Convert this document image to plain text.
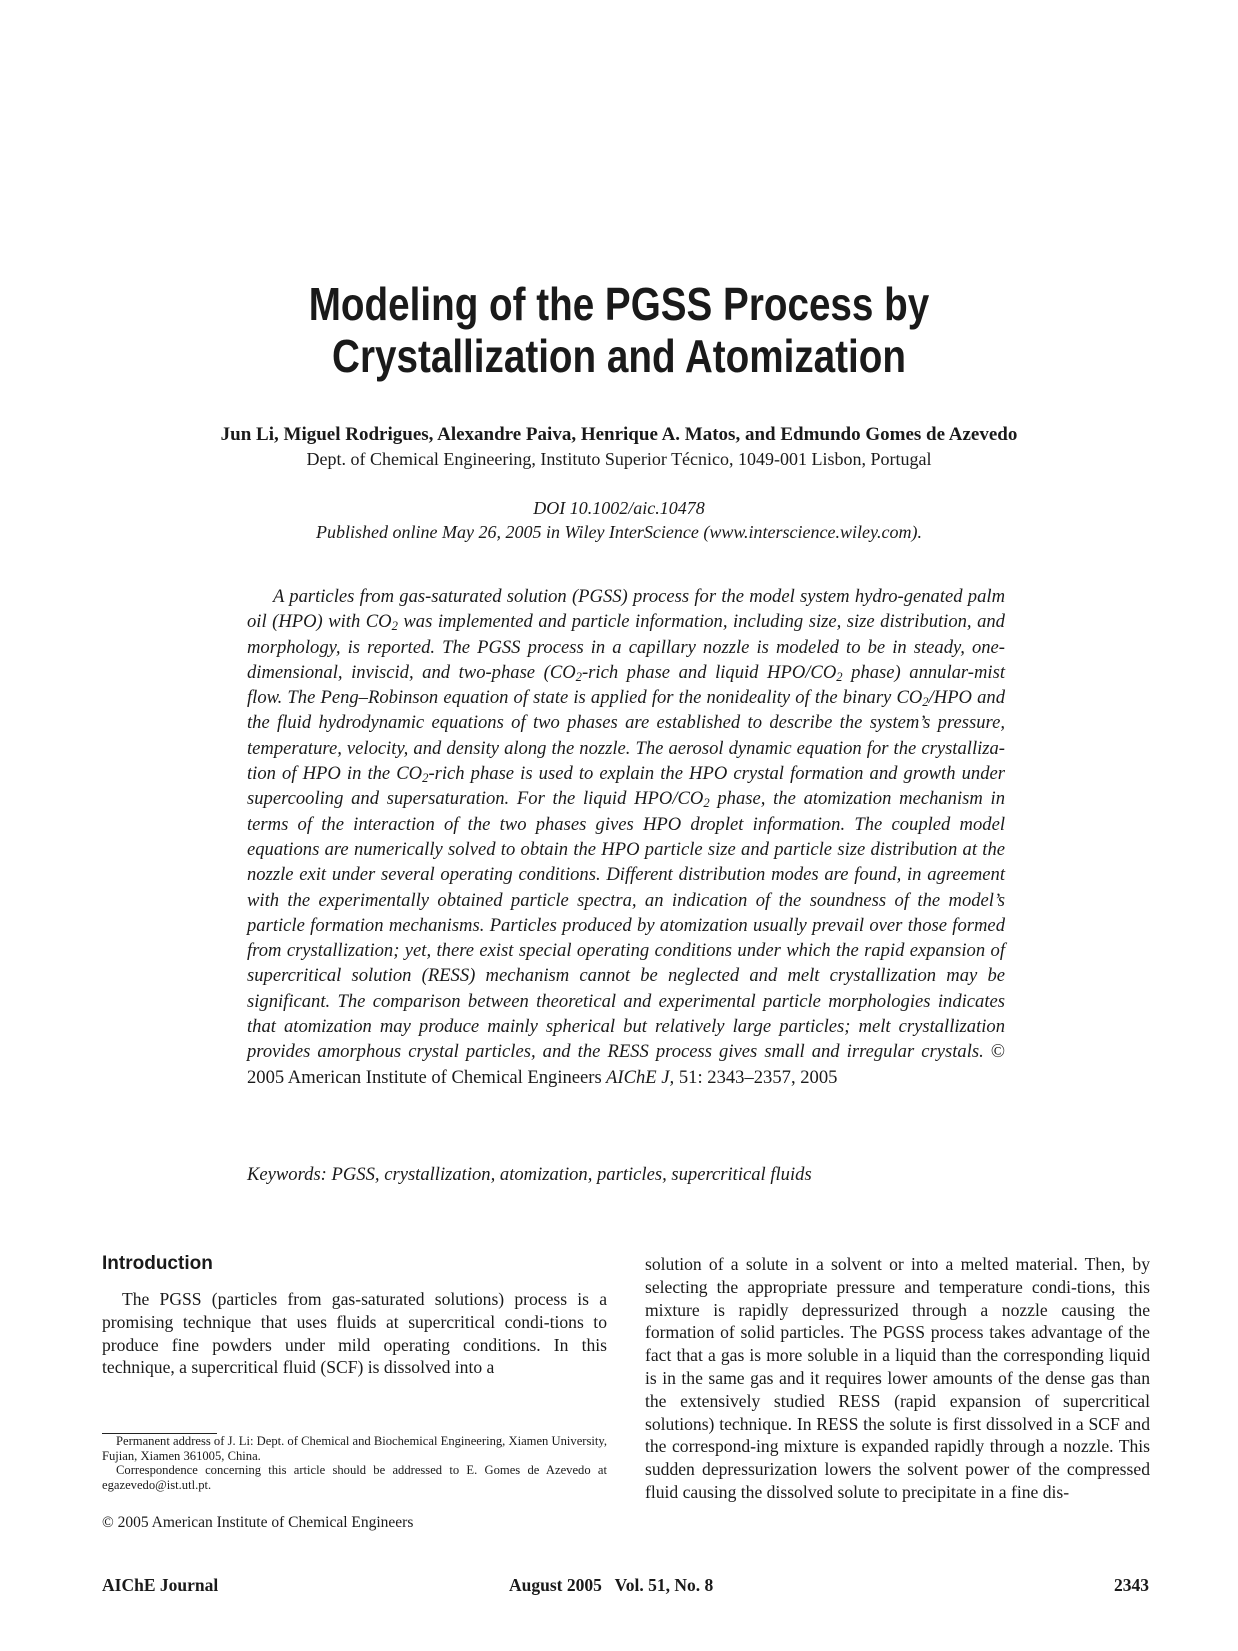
Modeling of the PGSS Process by
Crystallization and Atomization
Jun Li, Miguel Rodrigues, Alexandre Paiva, Henrique A. Matos, and Edmundo Gomes de Azevedo
Dept. of Chemical Engineering, Instituto Superior Técnico, 1049-001 Lisbon, Portugal
DOI 10.1002/aic.10478
Published online May 26, 2005 in Wiley InterScience (www.interscience.wiley.com).
A particles from gas-saturated solution (PGSS) process for the model system hydro-genated palm oil (HPO) with $CO_2$ was implemented and particle information, including size, size distribution, and morphology, is reported. The PGSS process in a capillary nozzle is modeled to be in steady, one-dimensional, inviscid, and two-phase ($CO_2$-rich phase and liquid HPO/$CO_2$ phase) annular-mist flow. The Peng–Robinson equation of state is applied for the nonideality of the binary $CO_2$/HPO and the fluid hydrodynamic equations of two phases are established to describe the system’s pressure, temperature, velocity, and density along the nozzle. The aerosol dynamic equation for the crystalliza-tion of HPO in the $CO_2$-rich phase is used to explain the HPO crystal formation and growth under supercooling and supersaturation. For the liquid HPO/$CO_2$ phase, the atomization mechanism in terms of the interaction of the two phases gives HPO droplet information. The coupled model equations are numerically solved to obtain the HPO particle size and particle size distribution at the nozzle exit under several operating conditions. Different distribution modes are found, in agreement with the experimentally obtained particle spectra, an indication of the soundness of the model’s particle formation mechanisms. Particles produced by atomization usually prevail over those formed from crystallization; yet, there exist special operating conditions under which the rapid expansion of supercritical solution (RESS) mechanism cannot be neglected and melt crystallization may be significant. The comparison between theoretical and experimental particle morphologies indicates that atomization may produce mainly spherical but relatively large particles; melt crystallization provides amorphous crystal particles, and the RESS process gives small and irregular crystals. © 2005 American Institute of Chemical Engineers AIChE J, 51: 2343–2357, 2005
Keywords: PGSS, crystallization, atomization, particles, supercritical fluids
Introduction
The PGSS (particles from gas-saturated solutions) process is a promising technique that uses fluids at supercritical condi-tions to produce fine powders under mild operating conditions. In this technique, a supercritical fluid (SCF) is dissolved into a
solution of a solute in a solvent or into a melted material. Then, by selecting the appropriate pressure and temperature condi-tions, this mixture is rapidly depressurized through a nozzle causing the formation of solid particles. The PGSS process takes advantage of the fact that a gas is more soluble in a liquid than the corresponding liquid is in the same gas and it requires lower amounts of the dense gas than the extensively studied RESS (rapid expansion of supercritical solutions) technique. In RESS the solute is first dissolved in a SCF and the correspond-ing mixture is expanded rapidly through a nozzle. This sudden depressurization lowers the solvent power of the compressed fluid causing the dissolved solute to precipitate in a fine dis-

Permanent address of J. Li: Dept. of Chemical and Biochemical Engineering, Xiamen University, Fujian, Xiamen 361005, China.

Correspondence concerning this article should be addressed to E. Gomes de Azevedo at egazevedo@ist.utl.pt.

© 2005 American Institute of Chemical Engineers
AIChE Journal	August 2005   Vol. 51, No. 8	2343
